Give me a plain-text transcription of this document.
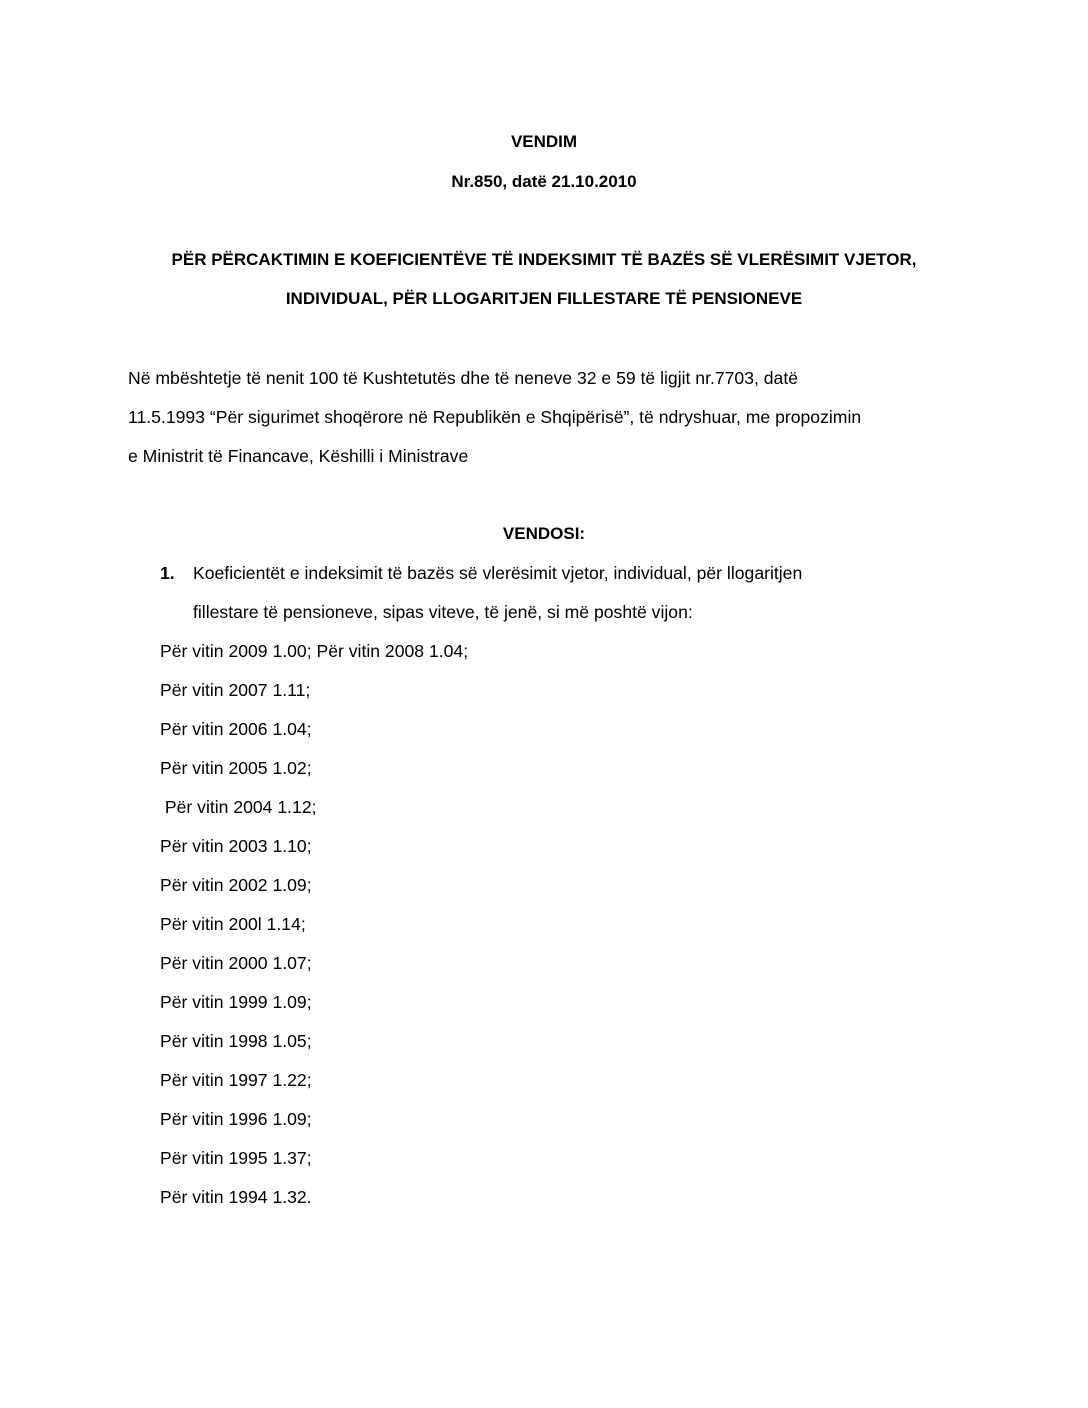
VENDIM
Nr.850, datë 21.10.2010
PËR PËRCAKTIMIN E KOEFICIENTËVE TË INDEKSIMIT TË BAZËS SË VLERËSIMIT VJETOR,
INDIVIDUAL, PËR LLOGARITJEN FILLESTARE TË PENSIONEVE
Në mbështetje të nenit 100 të Kushtetutës dhe të neneve 32 e 59 të ligjit nr.7703, datë
11.5.1993 “Për sigurimet shoqërore në Republikën e Shqipërisë”, të ndryshuar, me propozimin
e Ministrit të Financave, Këshilli i Ministrave
VENDOSI:
1. Koeficientët e indeksimit të bazës së vlerësimit vjetor, individual, për llogaritjen
fillestare të pensioneve, sipas viteve, të jenë, si më poshtë vijon:
Për vitin 2009 1.00; Për vitin 2008 1.04;
Për vitin 2007 1.11;
Për vitin 2006 1.04;
Për vitin 2005 1.02;
Për vitin 2004 1.12;
Për vitin 2003 1.10;
Për vitin 2002 1.09;
Për vitin 200l 1.14;
Për vitin 2000 1.07;
Për vitin 1999 1.09;
Për vitin 1998 1.05;
Për vitin 1997 1.22;
Për vitin 1996 1.09;
Për vitin 1995 1.37;
Për vitin 1994 1.32.
